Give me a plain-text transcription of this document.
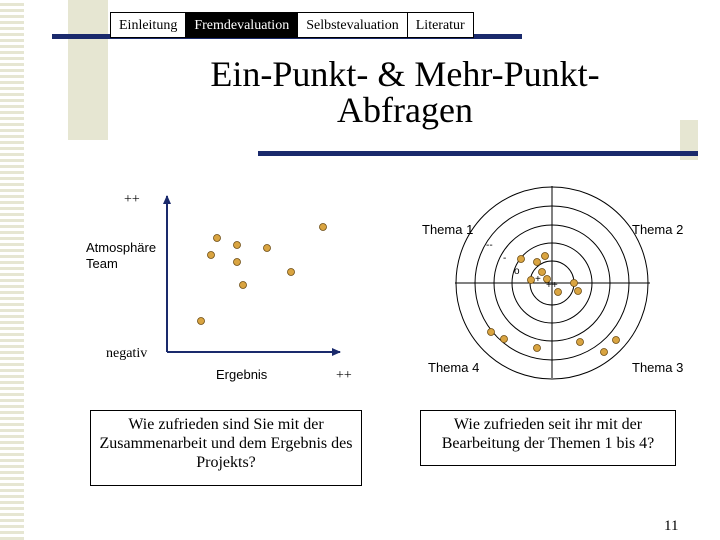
Einleitung	Fremdevaluation	Selbstevaluation	Literatur
Ein-Punkt- & Mehr-Punkt-
Abfragen
++
Atmosphäre
Team
negativ
Ergebnis	++
Thema 1	Thema 2
Thema 3
Thema 4
--
-
o
+
++
Wie zufrieden sind Sie mit der Zusammenarbeit und dem Ergebnis des Projekts?
Wie zufrieden seit ihr mit der Bearbeitung der Themen 1 bis 4?
11
